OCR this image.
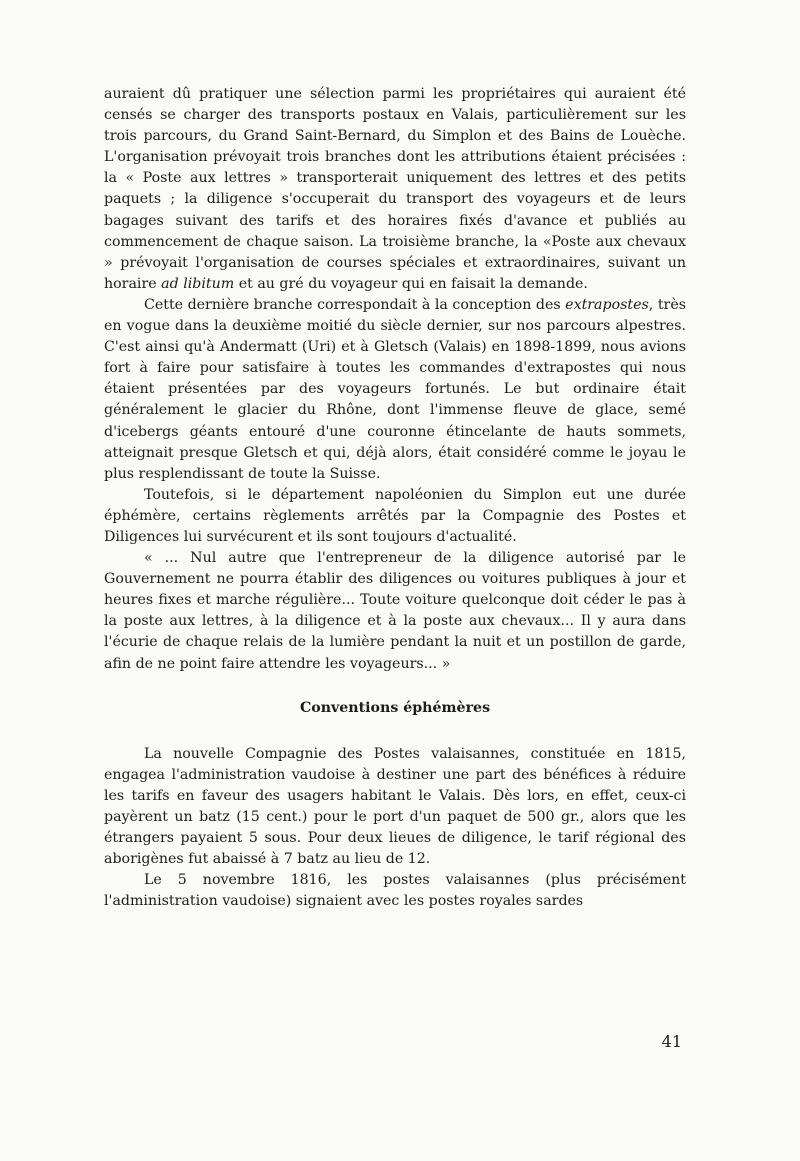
auraient dû pratiquer une sélection parmi les propriétaires qui auraient été censés se charger des transports postaux en Valais, particulièrement sur les trois parcours, du Grand Saint-Bernard, du Simplon et des Bains de Louèche. L'organisation prévoyait trois branches dont les attributions étaient précisées : la « Poste aux lettres » transporterait uniquement des lettres et des petits paquets ; la diligence s'occuperait du transport des voyageurs et de leurs bagages suivant des tarifs et des horaires fixés d'avance et publiés au commencement de chaque saison. La troisième branche, la «Poste aux chevaux » prévoyait l'organisation de courses spéciales et extraordinaires, suivant un horaire ad libitum et au gré du voyageur qui en faisait la demande.

Cette dernière branche correspondait à la conception des extrapostes, très en vogue dans la deuxième moitié du siècle dernier, sur nos parcours alpestres. C'est ainsi qu'à Andermatt (Uri) et à Gletsch (Valais) en 1898-1899, nous avions fort à faire pour satisfaire à toutes les commandes d'extrapostes qui nous étaient présentées par des voyageurs fortunés. Le but ordinaire était généralement le glacier du Rhône, dont l'immense fleuve de glace, semé d'icebergs géants entouré d'une couronne étincelante de hauts sommets, atteignait presque Gletsch et qui, déjà alors, était considéré comme le joyau le plus resplendissant de toute la Suisse.

Toutefois, si le département napoléonien du Simplon eut une durée éphémère, certains règlements arrêtés par la Compagnie des Postes et Diligences lui survécurent et ils sont toujours d'actualité.

« ... Nul autre que l'entrepreneur de la diligence autorisé par le Gouvernement ne pourra établir des diligences ou voitures publiques à jour et heures fixes et marche régulière... Toute voiture quelconque doit céder le pas à la poste aux lettres, à la diligence et à la poste aux chevaux... Il y aura dans l'écurie de chaque relais de la lumière pendant la nuit et un postillon de garde, afin de ne point faire attendre les voyageurs... »

Conventions éphémères

La nouvelle Compagnie des Postes valaisannes, constituée en 1815, engagea l'administration vaudoise à destiner une part des bénéfices à réduire les tarifs en faveur des usagers habitant le Valais. Dès lors, en effet, ceux-ci payèrent un batz (15 cent.) pour le port d'un paquet de 500 gr., alors que les étrangers payaient 5 sous. Pour deux lieues de diligence, le tarif régional des aborigènes fut abaissé à 7 batz au lieu de 12.

Le 5 novembre 1816, les postes valaisannes (plus précisément l'administration vaudoise) signaient avec les postes royales sardes

41
